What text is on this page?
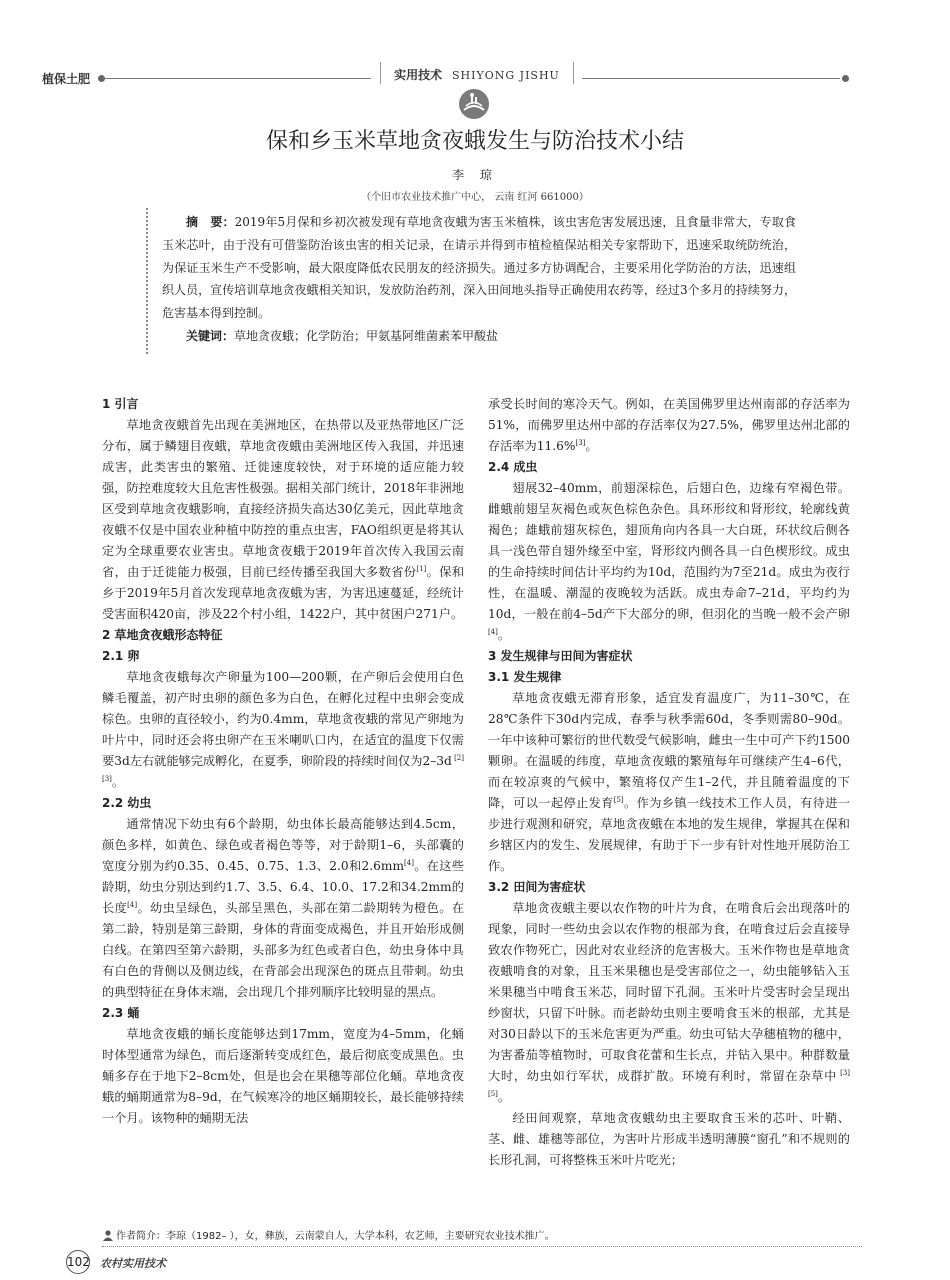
植保土肥	实用技术 SHIYONG JISHU
保和乡玉米草地贪夜蛾发生与防治技术小结
李 琼
（个旧市农业技术推广中心， 云南 红河 661000）

摘　要：2019年5月保和乡初次被发现有草地贪夜蛾为害玉米植株，该虫害危害发展迅速，且食量非常大，专取食玉米芯叶，由于没有可借鉴防治该虫害的相关记录，在请示并得到市植检植保站相关专家帮助下，迅速采取统防统治，为保证玉米生产不受影响，最大限度降低农民朋友的经济损失。通过多方协调配合，主要采用化学防治的方法，迅速组织人员，宣传培训草地贪夜蛾相关知识，发放防治药剂，深入田间地头指导正确使用农药等，经过3个多月的持续努力，危害基本得到控制。

关键词：草地贪夜蛾；化学防治；甲氨基阿维菌素苯甲酸盐

1 引言

草地贪夜蛾首先出现在美洲地区，在热带以及亚热带地区广泛分布，属于鳞翅目夜蛾，草地贪夜蛾由美洲地区传入我国，并迅速成害，此类害虫的繁殖、迁徙速度较快，对于环境的适应能力较强，防控难度较大且危害性极强。据相关部门统计，2018年非洲地区受到草地贪夜蛾影响，直接经济损失高达30亿美元，因此草地贪夜蛾不仅是中国农业种植中防控的重点虫害，FAO组织更是将其认定为全球重要农业害虫。草地贪夜蛾于2019年首次传入我国云南省，由于迁徙能力极强，目前已经传播至我国大多数省份[1]。保和乡于2019年5月首次发现草地贪夜蛾为害，为害迅速蔓延，经统计受害面积420亩，涉及22个村小组，1422户，其中贫困户271户。

2 草地贪夜蛾形态特征
2.1 卵

草地贪夜蛾每次产卵量为100—200颗，在产卵后会使用白色鳞毛覆盖，初产时虫卵的颜色多为白色，在孵化过程中虫卵会变成棕色。虫卵的直径较小，约为0.4mm，草地贪夜蛾的常见产卵地为叶片中，同时还会将虫卵产在玉米喇叭口内，在适宜的温度下仅需要3d左右就能够完成孵化，在夏季，卵阶段的持续时间仅为2–3d [2][3]。

2.2 幼虫

通常情况下幼虫有6个龄期，幼虫体长最高能够达到4.5cm，颜色多样，如黄色、绿色或者褐色等等，对于龄期1–6，头部囊的宽度分别为约0.35、0.45、0.75、1.3、2.0和2.6mm[4]。在这些龄期，幼虫分别达到约1.7、3.5、6.4、10.0、17.2和34.2mm的长度[4]。幼虫呈绿色，头部呈黑色，头部在第二龄期转为橙色。在第二龄，特别是第三龄期，身体的背面变成褐色，并且开始形成侧白线。在第四至第六龄期，头部多为红色或者白色，幼虫身体中具有白色的背侧以及侧边线，在背部会出现深色的斑点且带刺。幼虫的典型特征在身体末端，会出现几个排列顺序比较明显的黑点。

2.3 蛹

草地贪夜蛾的蛹长度能够达到17mm，宽度为4–5mm，化蛹时体型通常为绿色，而后逐渐转变成红色，最后彻底变成黑色。虫蛹多存在于地下2–8cm处，但是也会在果穗等部位化蛹。草地贪夜蛾的蛹期通常为8–9d，在气候寒冷的地区蛹期较长，最长能够持续一个月。该物种的蛹期无法

承受长时间的寒冷天气。例如，在美国佛罗里达州南部的存活率为51%，而佛罗里达州中部的存活率仅为27.5%，佛罗里达州北部的存活率为11.6%[3]。

2.4 成虫

翅展32–40mm，前翅深棕色，后翅白色，边缘有窄褐色带。雌蛾前翅呈灰褐色或灰色棕色杂色。具环形纹和肾形纹，轮廓线黄褐色；雄蛾前翅灰棕色，翅顶角向内各具一大白斑，环状纹后侧各具一浅色带自翅外缘至中室，肾形纹内侧各具一白色楔形纹。成虫的生命持续时间估计平均约为10d，范围约为7至21d。成虫为夜行性，在温暖、潮湿的夜晚较为活跃。成虫寿命7–21d，平均约为10d，一般在前4–5d产下大部分的卵，但羽化的当晚一般不会产卵[4]。

3 发生规律与田间为害症状
3.1 发生规律

草地贪夜蛾无滞育形象，适宜发育温度广，为11–30℃，在28℃条件下30d内完成，春季与秋季需60d，冬季则需80–90d。一年中该种可繁衍的世代数受气候影响，雌虫一生中可产下约1500颗卵。在温暖的纬度，草地贪夜蛾的繁殖每年可继续产生4–6代，而在较凉爽的气候中，繁殖将仅产生1–2代，并且随着温度的下降，可以一起停止发育[5]。作为乡镇一线技术工作人员，有待进一步进行观测和研究，草地贪夜蛾在本地的发生规律，掌握其在保和乡辖区内的发生、发展规律，有助于下一步有针对性地开展防治工作。

3.2 田间为害症状

草地贪夜蛾主要以农作物的叶片为食，在啃食后会出现落叶的现象，同时一些幼虫会以农作物的根部为食，在啃食过后会直接导致农作物死亡，因此对农业经济的危害极大。玉米作物也是草地贪夜蛾啃食的对象，且玉米果穗也是受害部位之一，幼虫能够钻入玉米果穗当中啃食玉米芯，同时留下孔洞。玉米叶片受害时会呈现出纱窗状，只留下叶脉。而老龄幼虫则主要啃食玉米的根部，尤其是对30日龄以下的玉米危害更为严重。幼虫可钻大孕穗植物的穗中，为害番茄等植物时，可取食花蕾和生长点，并钻入果中。种群数量大时，幼虫如行军状，成群扩散。环境有利时，常留在杂草中 [3] [5]。

经田间观察，草地贪夜蛾幼虫主要取食玉米的芯叶、叶鞘、茎、雌、雄穗等部位，为害叶片形成半透明薄膜“窗孔”和不规则的长形孔洞，可将整株玉米叶片吃光；

作者简介：李琼（1982– ），女，彝族，云南蒙自人，大学本科，农艺师，主要研究农业技术推广。
102 农村实用技术
